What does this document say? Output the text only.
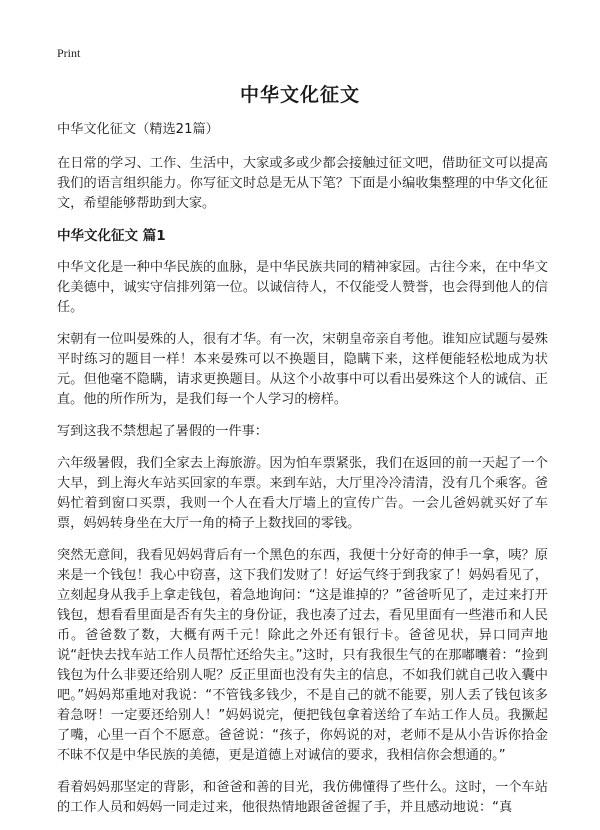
Print
中华文化征文

中华文化征文（精选21篇）

在日常的学习、工作、生活中，大家或多或少都会接触过征文吧，借助征文可以提高我们的语言组织能力。你写征文时总是无从下笔？下面是小编收集整理的中华文化征文，希望能够帮助到大家。

中华文化征文 篇1

中华文化是一种中华民族的血脉，是中华民族共同的精神家园。古往今来，在中华文化美德中，诚实守信排列第一位。以诚信待人，不仅能受人赞誉，也会得到他人的信任。

宋朝有一位叫晏殊的人，很有才华。有一次，宋朝皇帝亲自考他。谁知应试题与晏殊平时练习的题目一样！本来晏殊可以不换题目，隐瞒下来，这样便能轻松地成为状元。但他毫不隐瞒，请求更换题目。从这个小故事中可以看出晏殊这个人的诚信、正直。他的所作所为，是我们每一个人学习的榜样。

写到这我不禁想起了暑假的一件事：

六年级暑假，我们全家去上海旅游。因为怕车票紧张，我们在返回的前一天起了一个大早，到上海火车站买回家的车票。来到车站，大厅里冷冷清清，没有几个乘客。爸妈忙着到窗口买票，我则一个人在看大厅墙上的宣传广告。一会儿爸妈就买好了车票，妈妈转身坐在大厅一角的椅子上数找回的零钱。

突然无意间，我看见妈妈背后有一个黑色的东西，我便十分好奇的伸手一拿，咦？原来是一个钱包！我心中窃喜，这下我们发财了！好运气终于到我家了！妈妈看见了，立刻起身从我手上拿走钱包，着急地询问：“这是谁掉的？”爸爸听见了，走过来打开钱包，想看看里面是否有失主的身份证，我也凑了过去，看见里面有一些港币和人民币。爸爸数了数，大概有两千元！除此之外还有银行卡。爸爸见状，异口同声地说“赶快去找车站工作人员帮忙还给失主。”这时，只有我很生气的在那嘟囔着：“捡到钱包为什么非要还给别人呢？反正里面也没有失主的信息，不如我们就自己收入囊中吧。”妈妈郑重地对我说：“不管钱多钱少，不是自己的就不能要，别人丢了钱包该多着急呀！一定要还给别人！”妈妈说完，便把钱包拿着送给了车站工作人员。我撅起了嘴，心里一百个不愿意。爸爸说：“孩子，你妈说的对，老师不是从小告诉你拾金不昧不仅是中华民族的美德，更是道德上对诚信的要求，我相信你会想通的。”

看着妈妈那坚定的背影，和爸爸和善的目光，我仿佛懂得了些什么。这时，一个车站的工作人员和妈妈一同走过来，他很热情地跟爸爸握了手，并且感动地说：“真
